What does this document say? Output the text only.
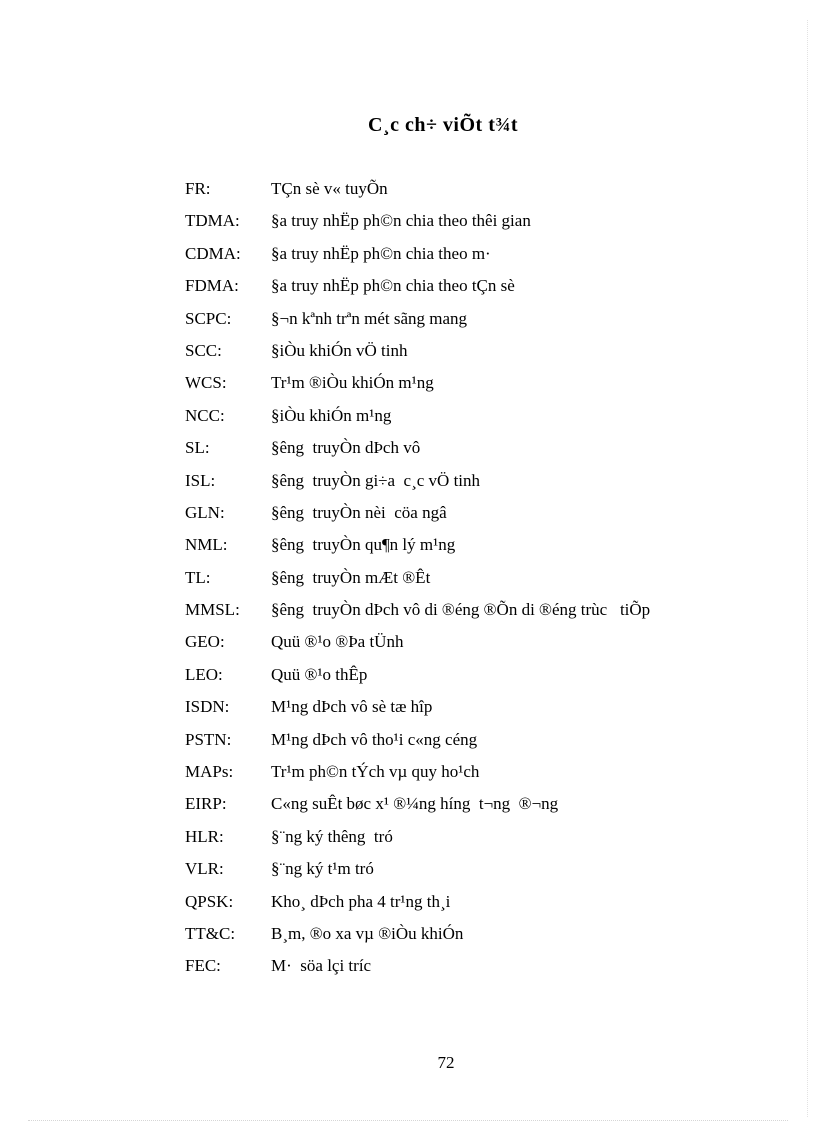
C¸c ch÷ viÕt t¾t
FR:	TÇn sè v« tuyÕn
TDMA:	§a truy nhËp ph©n chia theo thêi gian
CDMA:	§a truy nhËp ph©n chia theo m·
FDMA:	§a truy nhËp ph©n chia theo tÇn sè
SCPC:	§¬n kªnh trªn mét sãng mang
SCC:	§iÒu khiÓn vÖ tinh
WCS:	Tr¹m ®iÒu khiÓn m¹ng
NCC:	§iÒu khiÓn m¹ng
SL:	§êng  truyÒn dÞch vô
ISL:	§êng  truyÒn gi÷a  c¸c vÖ tinh
GLN:	§êng  truyÒn nèi  cöa ngâ
NML:	§êng  truyÒn qu¶n lý m¹ng
TL:	§êng  truyÒn mÆt ®Êt
MMSL:	§êng  truyÒn dÞch vô di ®éng ®Õn di ®éng trùc   tiÕp
GEO:	Quü ®¹o ®Þa tÜnh
LEO:	Quü ®¹o thÊp
ISDN:	M¹ng dÞch vô sè tæ hîp
PSTN:	M¹ng dÞch vô tho¹i c«ng céng
MAPs:	Tr¹m ph©n tÝch vµ quy ho¹ch
EIRP:	C«ng suÊt bøc x¹ ®¼ng híng  t¬ng  ®¬ng
HLR:	§¨ng ký thêng  tró
VLR:	§¨ng ký t¹m tró
QPSK:	Kho¸ dÞch pha 4 tr¹ng th¸i
TT&C:	B¸m, ®o xa vµ ®iÒu khiÓn
FEC:	M·  söa lçi tríc
72
